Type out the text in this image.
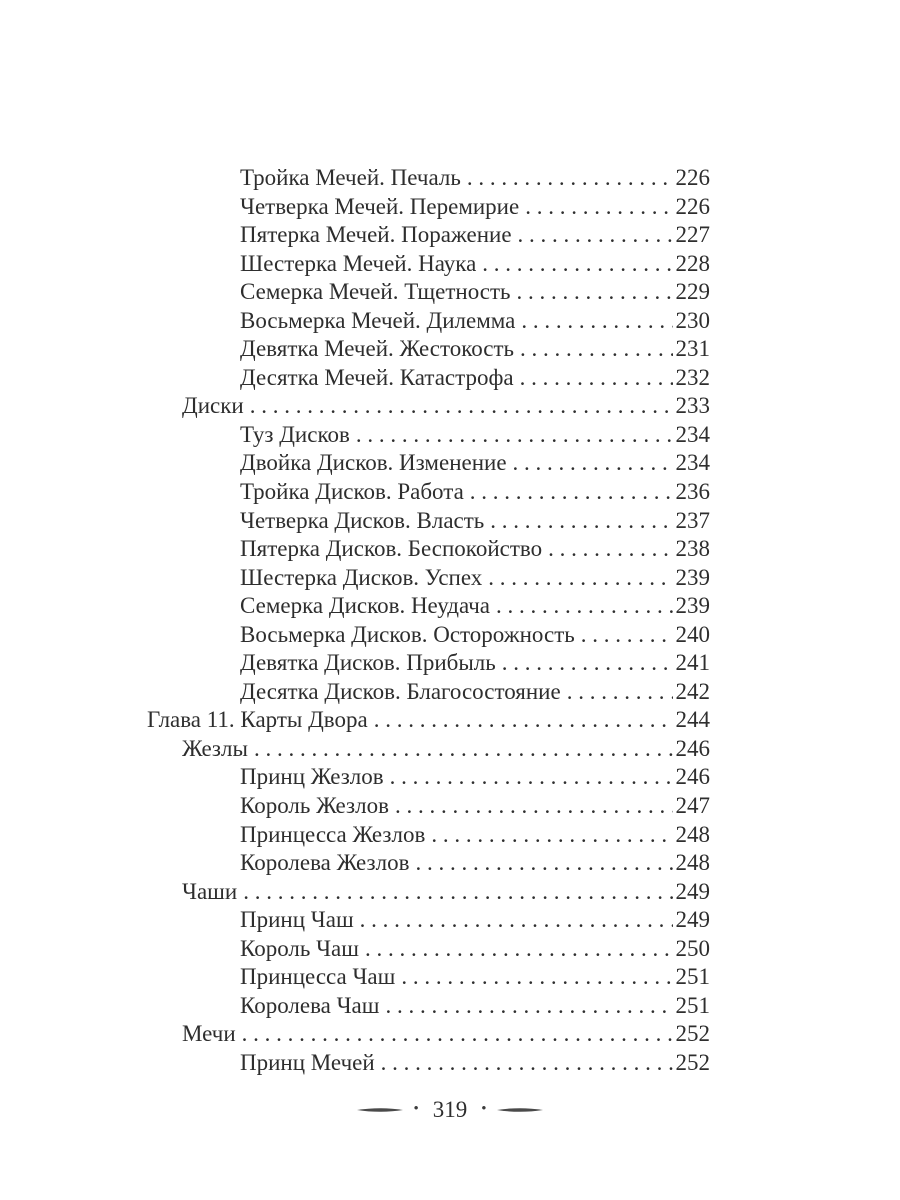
Тройка Мечей. Печаль . . .	226
Четверка Мечей. Перемирие . . .	226
Пятерка Мечей. Поражение . . .	227
Шестерка Мечей. Наука . . .	228
Семерка Мечей. Тщетность . . .	229
Восьмерка Мечей. Дилемма . . .	230
Девятка Мечей. Жестокость . . .	231
Десятка Мечей. Катастрофа . . .	232
Диски . . .	233
Туз Дисков . . .	234
Двойка Дисков. Изменение . . .	234
Тройка Дисков. Работа . . .	236
Четверка Дисков. Власть . . .	237
Пятерка Дисков. Беспокойство . . .	238
Шестерка Дисков. Успех . . .	239
Семерка Дисков. Неудача . . .	239
Восьмерка Дисков. Осторожность . . .	240
Девятка Дисков. Прибыль . . .	241
Десятка Дисков. Благосостояние . . .	242
Глава 11. Карты Двора . . .	244
Жезлы . . .	246
Принц Жезлов . . .	246
Король Жезлов . . .	247
Принцесса Жезлов . . .	248
Королева Жезлов . . .	248
Чаши . . .	249
Принц Чаш . . .	249
Король Чаш . . .	250
Принцесса Чаш . . .	251
Королева Чаш . . .	251
Мечи . . .	252
Принц Мечей . . .	252
• 319 •
